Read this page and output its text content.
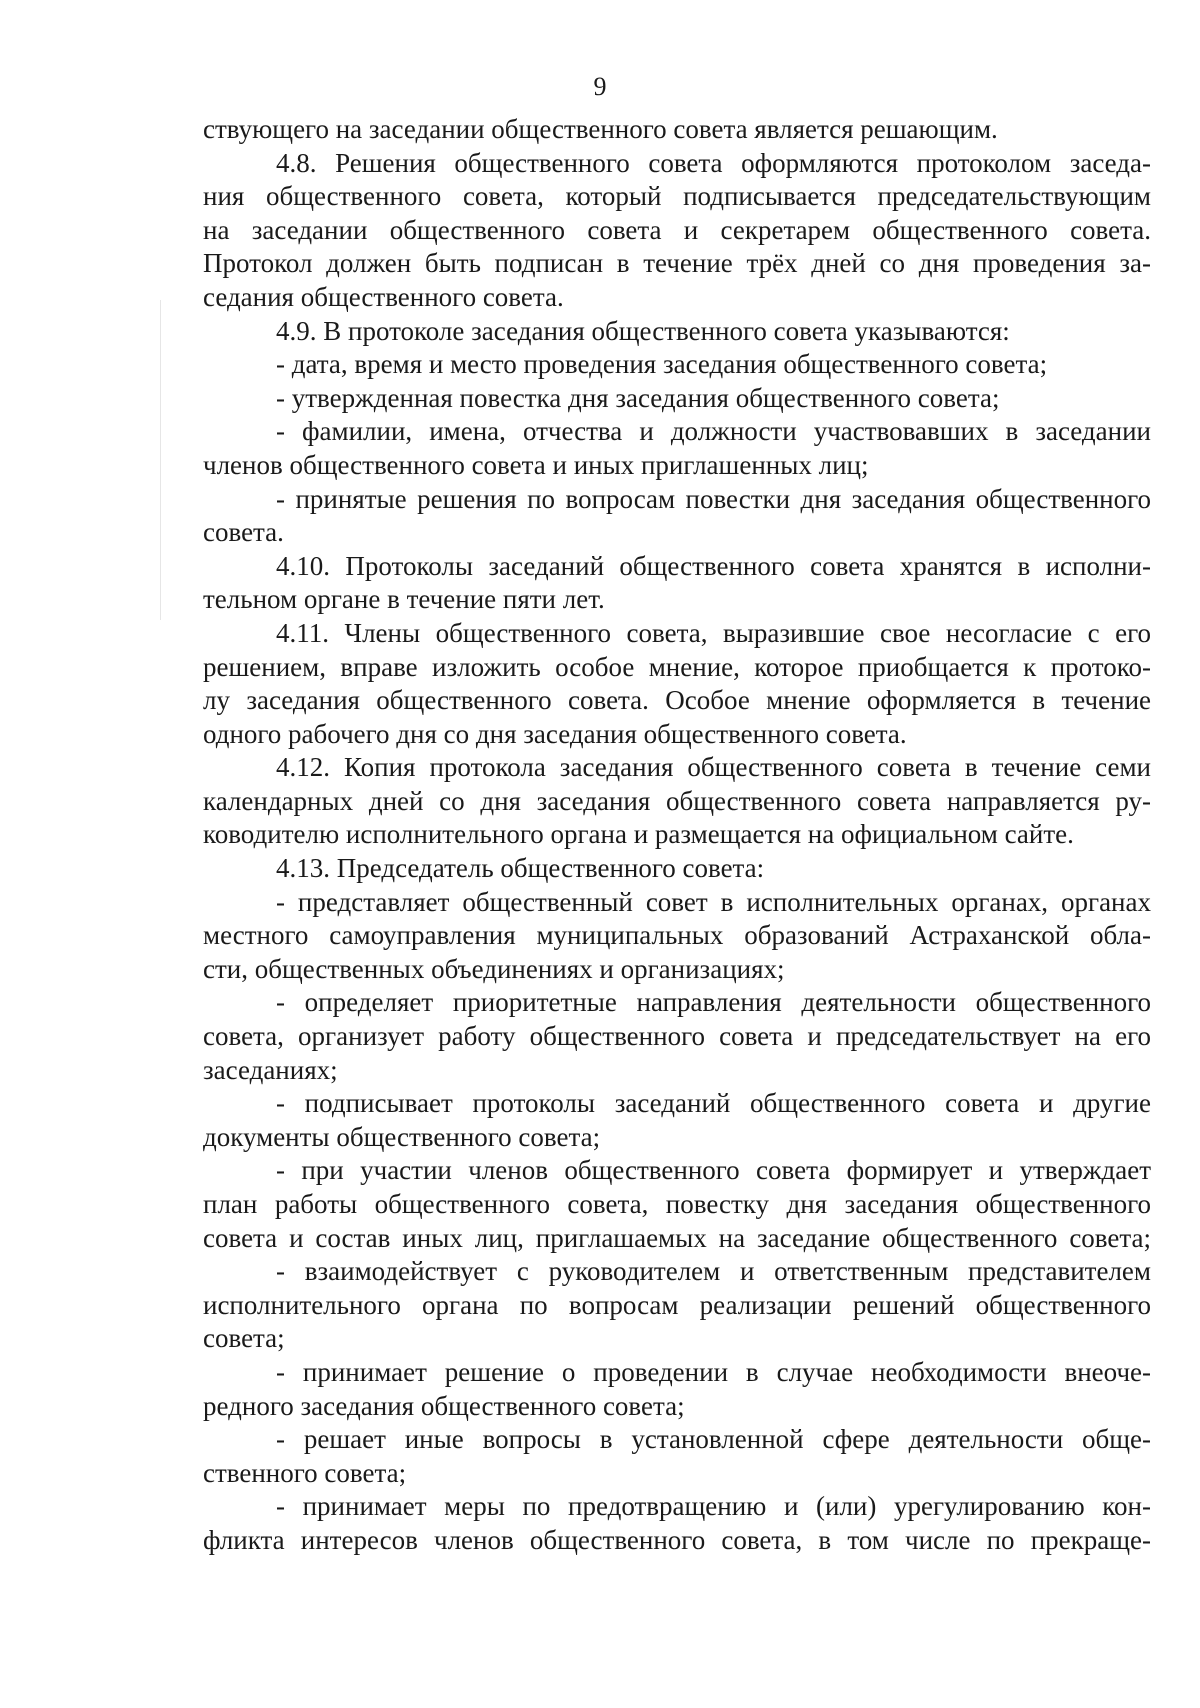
9
ствующего на заседании общественного совета является решающим.
4.8. Решения общественного совета оформляются протоколом заседа-
ния общественного совета, который подписывается председательствующим
на заседании общественного совета и секретарем общественного совета.
Протокол должен быть подписан в течение трёх дней со дня проведения за-
седания общественного совета.
4.9. В протоколе заседания общественного совета указываются:
- дата, время и место проведения заседания общественного совета;
- утвержденная повестка дня заседания общественного совета;
- фамилии, имена, отчества и должности участвовавших в заседании
членов общественного совета и иных приглашенных лиц;
- принятые решения по вопросам повестки дня заседания общественного
совета.
4.10. Протоколы заседаний общественного совета хранятся в исполни-
тельном органе в течение пяти лет.
4.11. Члены общественного совета, выразившие свое несогласие с его
решением, вправе изложить особое мнение, которое приобщается к протоко-
лу заседания общественного совета. Особое мнение оформляется в течение
одного рабочего дня со дня заседания общественного совета.
4.12. Копия протокола заседания общественного совета в течение семи
календарных дней со дня заседания общественного совета направляется ру-
ководителю исполнительного органа и размещается на официальном сайте.
4.13. Председатель общественного совета:
- представляет общественный совет в исполнительных органах, органах
местного самоуправления муниципальных образований Астраханской обла-
сти, общественных объединениях и организациях;
- определяет приоритетные направления деятельности общественного
совета, организует работу общественного совета и председательствует на его
заседаниях;
- подписывает протоколы заседаний общественного совета и другие
документы общественного совета;
- при участии членов общественного совета формирует и утверждает
план работы общественного совета, повестку дня заседания общественного
совета и состав иных лиц, приглашаемых на заседание общественного совета;
- взаимодействует с руководителем и ответственным представителем
исполнительного органа по вопросам реализации решений общественного
совета;
- принимает решение о проведении в случае необходимости внеоче-
редного заседания общественного совета;
- решает иные вопросы в установленной сфере деятельности обще-
ственного совета;
- принимает меры по предотвращению и (или) урегулированию кон-
фликта интересов членов общественного совета, в том числе по прекраще-
